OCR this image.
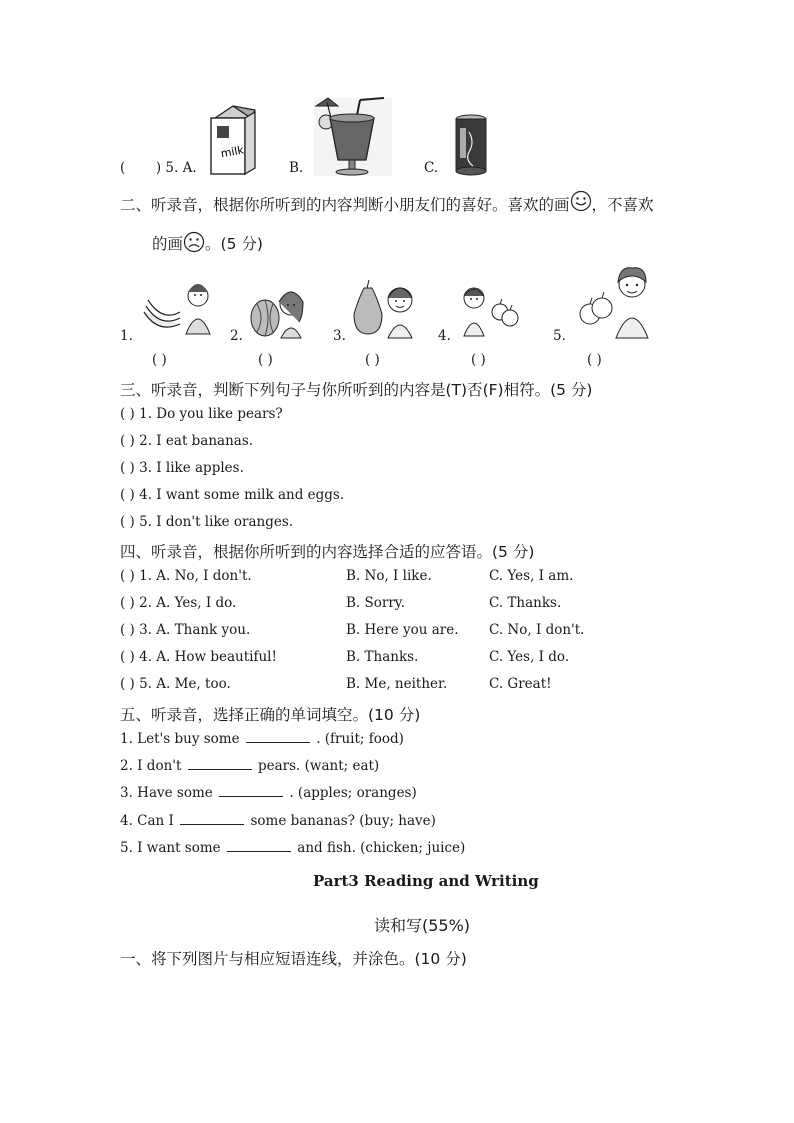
( ) 5. A.
milk
B.	C.
二、听录音，根据你所听到的内容判断小朋友们的喜好。喜欢的画 ，不喜欢
的画 。(5 分)
1.	2.	3.	4.	5.
( )	( )	( )	( )	( )
三、听录音，判断下列句子与你所听到的内容是(T)否(F)相符。(5 分)
( ) 1. Do you like pears?
( ) 2. I eat bananas.
( ) 3. I like apples.
( ) 4. I want some milk and eggs.
( ) 5. I don't like oranges.
四、听录音，根据你所听到的内容选择合适的应答语。(5 分)
( ) 1. A. No, I don't.	B. No, I like.	C. Yes, I am.
( ) 2. A. Yes, I do.	B. Sorry.	C. Thanks.
( ) 3. A. Thank you.	B. Here you are. C. No, I don't.
( ) 4. A. How beautiful!	B. Thanks.	C. Yes, I do.
( ) 5. A. Me, too.	B. Me, neither.	C. Great!
五、听录音，选择正确的单词填空。(10 分)
1. Let's buy some	. (fruit; food)
2. I don't	pears. (want; eat)
3. Have some	. (apples; oranges)
4. Can I	some bananas? (buy; have)
5. I want some	and fish. (chicken; juice)
Part3 Reading and Writing
读和写(55%)
一、将下列图片与相应短语连线，并涂色。(10 分)
